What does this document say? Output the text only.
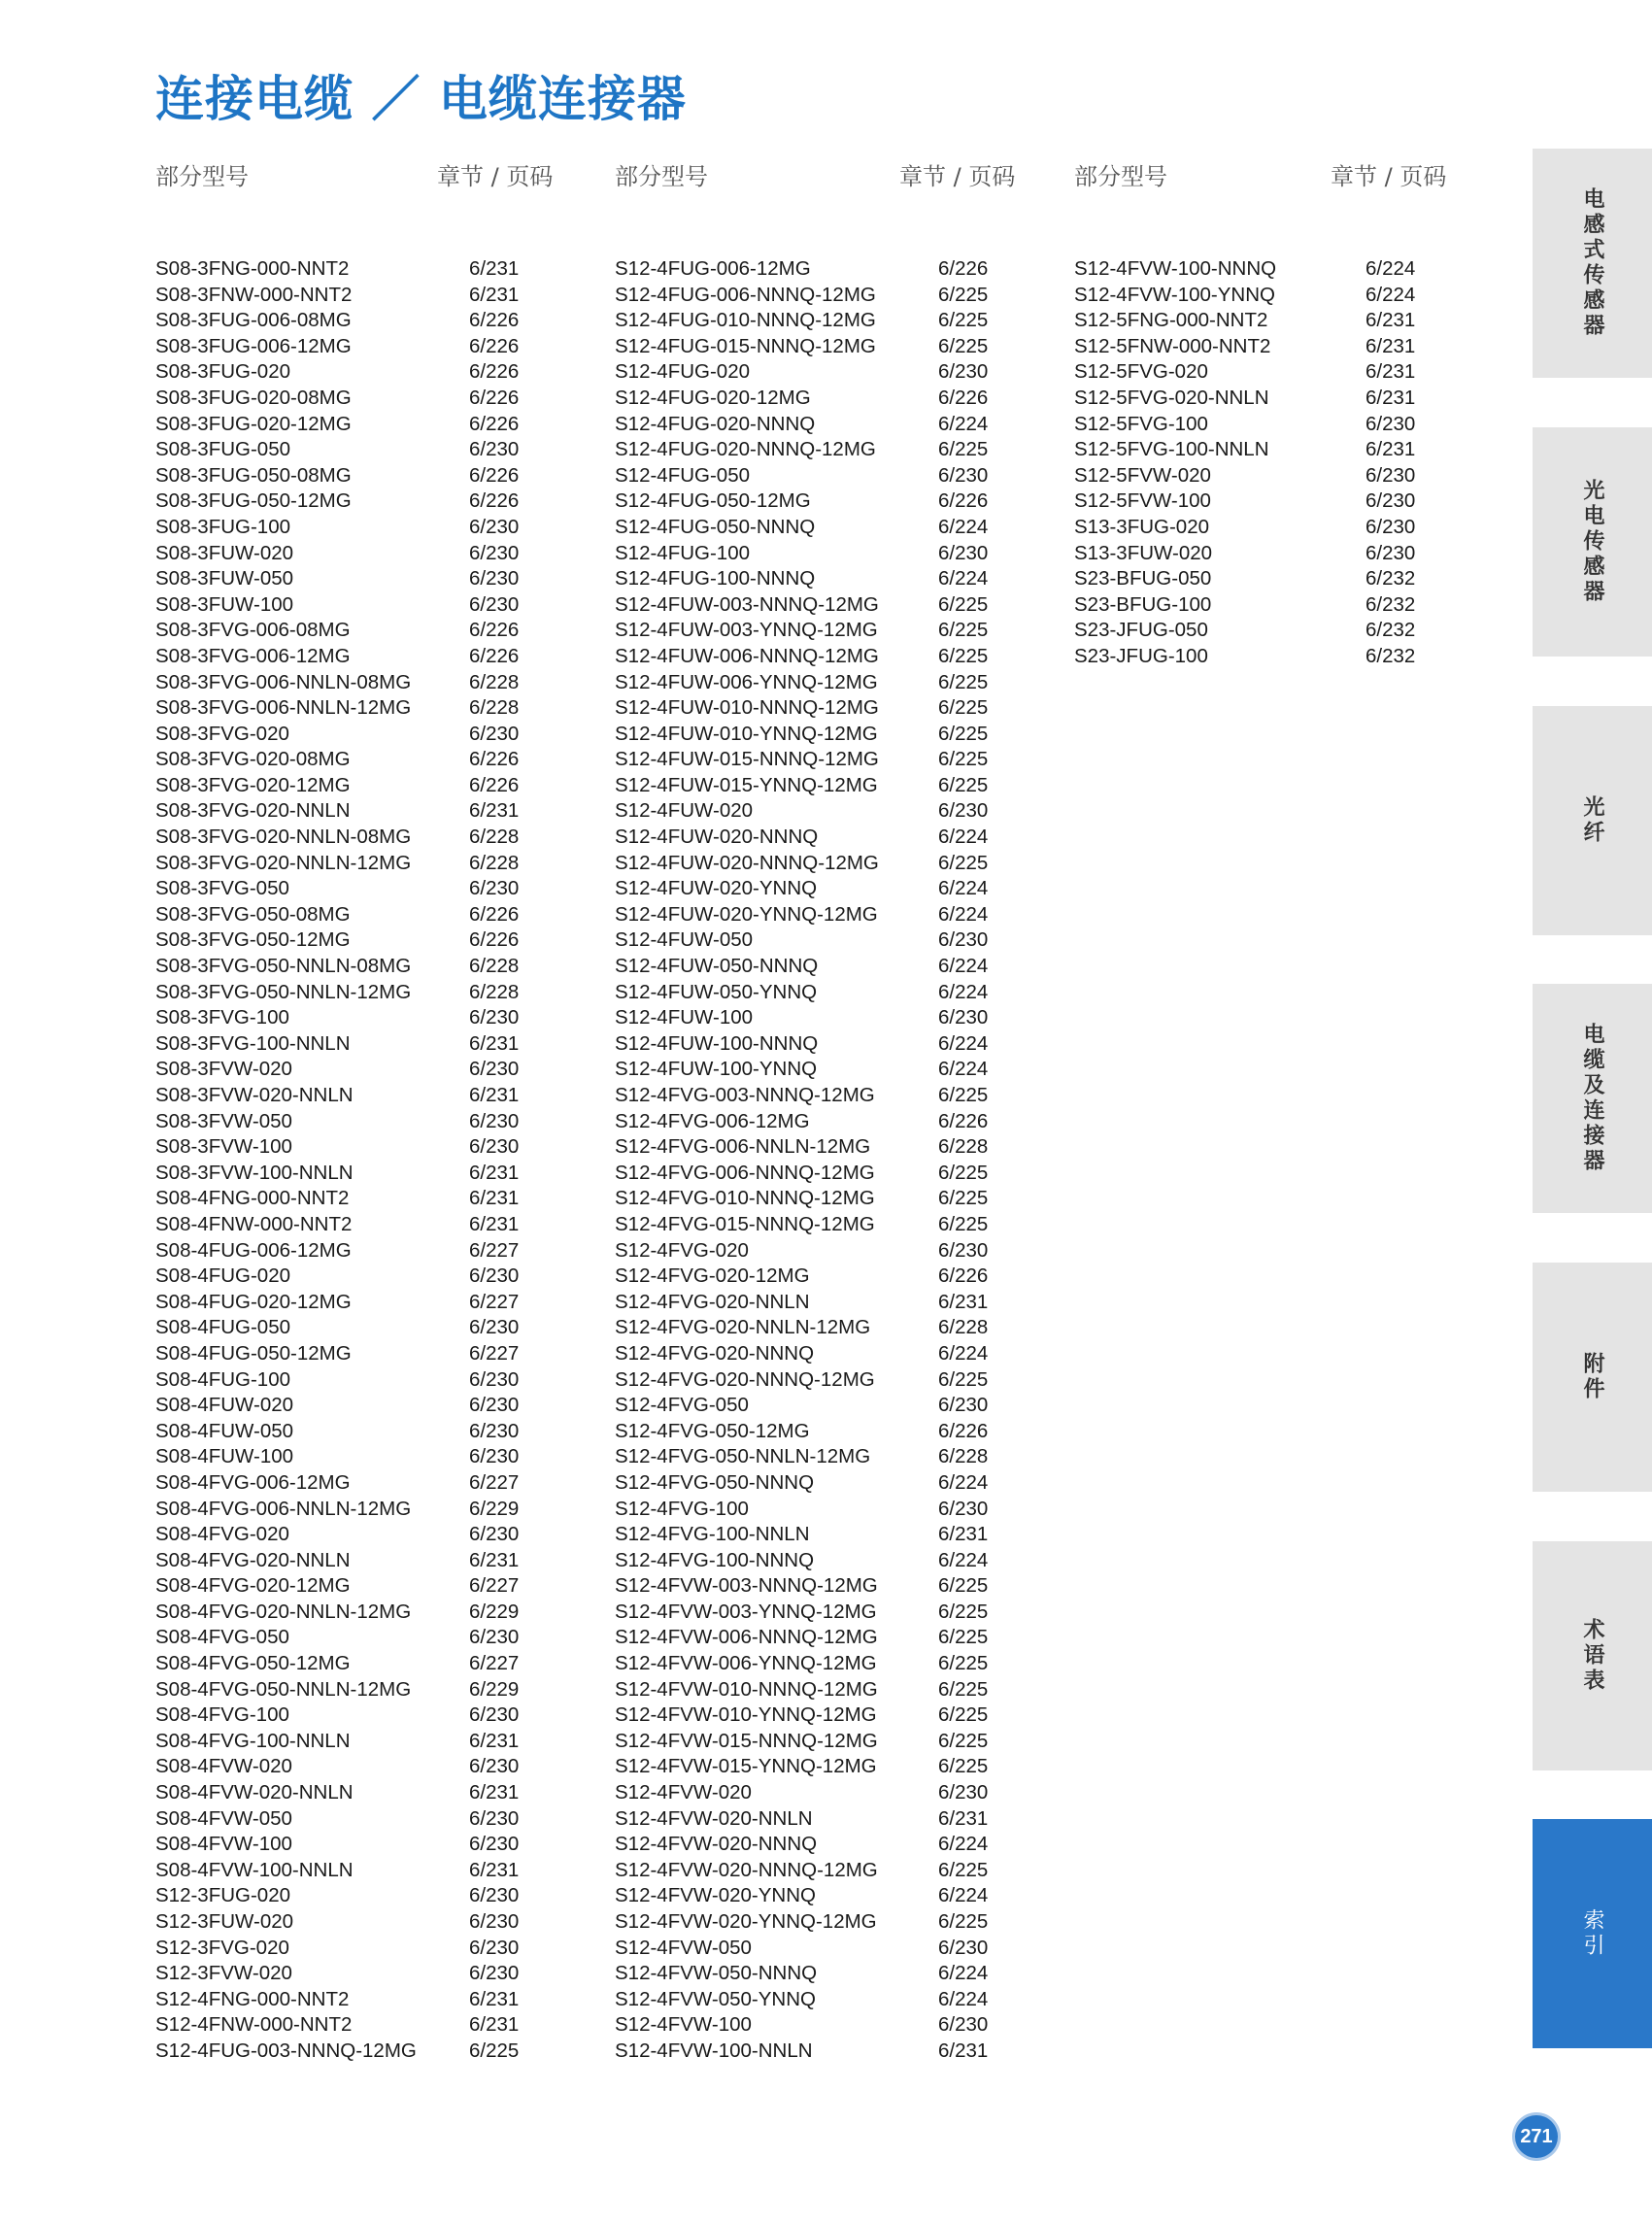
连接电缆 ／ 电缆连接器
部分型号	章节 / 页码	部分型号	章节 / 页码	部分型号	章节 / 页码
S08-3FNG-000-NNT2	6/231
S08-3FNW-000-NNT2	6/231
S08-3FUG-006-08MG	6/226
S08-3FUG-006-12MG	6/226
S08-3FUG-020	6/226
S08-3FUG-020-08MG	6/226
S08-3FUG-020-12MG	6/226
S08-3FUG-050	6/230
S08-3FUG-050-08MG	6/226
S08-3FUG-050-12MG	6/226
S08-3FUG-100	6/230
S08-3FUW-020	6/230
S08-3FUW-050	6/230
S08-3FUW-100	6/230
S08-3FVG-006-08MG	6/226
S08-3FVG-006-12MG	6/226
S08-3FVG-006-NNLN-08MG	6/228
S08-3FVG-006-NNLN-12MG	6/228
S08-3FVG-020	6/230
S08-3FVG-020-08MG	6/226
S08-3FVG-020-12MG	6/226
S08-3FVG-020-NNLN	6/231
S08-3FVG-020-NNLN-08MG	6/228
S08-3FVG-020-NNLN-12MG	6/228
S08-3FVG-050	6/230
S08-3FVG-050-08MG	6/226
S08-3FVG-050-12MG	6/226
S08-3FVG-050-NNLN-08MG	6/228
S08-3FVG-050-NNLN-12MG	6/228
S08-3FVG-100	6/230
S08-3FVG-100-NNLN	6/231
S08-3FVW-020	6/230
S08-3FVW-020-NNLN	6/231
S08-3FVW-050	6/230
S08-3FVW-100	6/230
S08-3FVW-100-NNLN	6/231
S08-4FNG-000-NNT2	6/231
S08-4FNW-000-NNT2	6/231
S08-4FUG-006-12MG	6/227
S08-4FUG-020	6/230
S08-4FUG-020-12MG	6/227
S08-4FUG-050	6/230
S08-4FUG-050-12MG	6/227
S08-4FUG-100	6/230
S08-4FUW-020	6/230
S08-4FUW-050	6/230
S08-4FUW-100	6/230
S08-4FVG-006-12MG	6/227
S08-4FVG-006-NNLN-12MG	6/229
S08-4FVG-020	6/230
S08-4FVG-020-NNLN	6/231
S08-4FVG-020-12MG	6/227
S08-4FVG-020-NNLN-12MG	6/229
S08-4FVG-050	6/230
S08-4FVG-050-12MG	6/227
S08-4FVG-050-NNLN-12MG	6/229
S08-4FVG-100	6/230
S08-4FVG-100-NNLN	6/231
S08-4FVW-020	6/230
S08-4FVW-020-NNLN	6/231
S08-4FVW-050	6/230
S08-4FVW-100	6/230
S08-4FVW-100-NNLN	6/231
S12-3FUG-020	6/230
S12-3FUW-020	6/230
S12-3FVG-020	6/230
S12-3FVW-020	6/230
S12-4FNG-000-NNT2	6/231
S12-4FNW-000-NNT2	6/231
S12-4FUG-003-NNNQ-12MG	6/225
S12-4FUG-006-12MG	6/226
S12-4FUG-006-NNNQ-12MG	6/225
S12-4FUG-010-NNNQ-12MG	6/225
S12-4FUG-015-NNNQ-12MG	6/225
S12-4FUG-020	6/230
S12-4FUG-020-12MG	6/226
S12-4FUG-020-NNNQ	6/224
S12-4FUG-020-NNNQ-12MG	6/225
S12-4FUG-050	6/230
S12-4FUG-050-12MG	6/226
S12-4FUG-050-NNNQ	6/224
S12-4FUG-100	6/230
S12-4FUG-100-NNNQ	6/224
S12-4FUW-003-NNNQ-12MG	6/225
S12-4FUW-003-YNNQ-12MG	6/225
S12-4FUW-006-NNNQ-12MG	6/225
S12-4FUW-006-YNNQ-12MG	6/225
S12-4FUW-010-NNNQ-12MG	6/225
S12-4FUW-010-YNNQ-12MG	6/225
S12-4FUW-015-NNNQ-12MG	6/225
S12-4FUW-015-YNNQ-12MG	6/225
S12-4FUW-020	6/230
S12-4FUW-020-NNNQ	6/224
S12-4FUW-020-NNNQ-12MG	6/225
S12-4FUW-020-YNNQ	6/224
S12-4FUW-020-YNNQ-12MG	6/224
S12-4FUW-050	6/230
S12-4FUW-050-NNNQ	6/224
S12-4FUW-050-YNNQ	6/224
S12-4FUW-100	6/230
S12-4FUW-100-NNNQ	6/224
S12-4FUW-100-YNNQ	6/224
S12-4FVG-003-NNNQ-12MG	6/225
S12-4FVG-006-12MG	6/226
S12-4FVG-006-NNLN-12MG	6/228
S12-4FVG-006-NNNQ-12MG	6/225
S12-4FVG-010-NNNQ-12MG	6/225
S12-4FVG-015-NNNQ-12MG	6/225
S12-4FVG-020	6/230
S12-4FVG-020-12MG	6/226
S12-4FVG-020-NNLN	6/231
S12-4FVG-020-NNLN-12MG	6/228
S12-4FVG-020-NNNQ	6/224
S12-4FVG-020-NNNQ-12MG	6/225
S12-4FVG-050	6/230
S12-4FVG-050-12MG	6/226
S12-4FVG-050-NNLN-12MG	6/228
S12-4FVG-050-NNNQ	6/224
S12-4FVG-100	6/230
S12-4FVG-100-NNLN	6/231
S12-4FVG-100-NNNQ	6/224
S12-4FVW-003-NNNQ-12MG	6/225
S12-4FVW-003-YNNQ-12MG	6/225
S12-4FVW-006-NNNQ-12MG	6/225
S12-4FVW-006-YNNQ-12MG	6/225
S12-4FVW-010-NNNQ-12MG	6/225
S12-4FVW-010-YNNQ-12MG	6/225
S12-4FVW-015-NNNQ-12MG	6/225
S12-4FVW-015-YNNQ-12MG	6/225
S12-4FVW-020	6/230
S12-4FVW-020-NNLN	6/231
S12-4FVW-020-NNNQ	6/224
S12-4FVW-020-NNNQ-12MG	6/225
S12-4FVW-020-YNNQ	6/224
S12-4FVW-020-YNNQ-12MG	6/225
S12-4FVW-050	6/230
S12-4FVW-050-NNNQ	6/224
S12-4FVW-050-YNNQ	6/224
S12-4FVW-100	6/230
S12-4FVW-100-NNLN	6/231
S12-4FVW-100-NNNQ	6/224
S12-4FVW-100-YNNQ	6/224
S12-5FNG-000-NNT2	6/231
S12-5FNW-000-NNT2	6/231
S12-5FVG-020	6/231
S12-5FVG-020-NNLN	6/231
S12-5FVG-100	6/230
S12-5FVG-100-NNLN	6/231
S12-5FVW-020	6/230
S12-5FVW-100	6/230
S13-3FUG-020	6/230
S13-3FUW-020	6/230
S23-BFUG-050	6/232
S23-BFUG-100	6/232
S23-JFUG-050	6/232
S23-JFUG-100	6/232
电感式传感器
光电传感器
光纤
电缆及连接器
附件
术语表
索引
271
